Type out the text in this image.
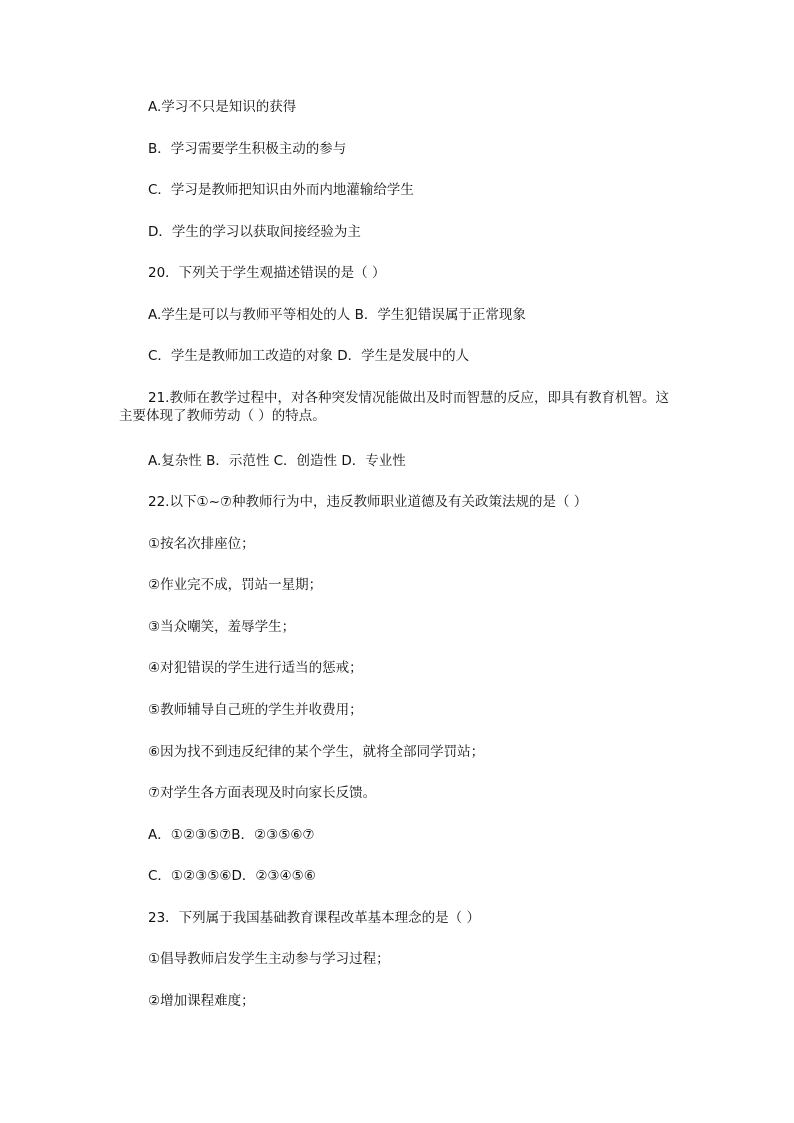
A.学习不只是知识的获得
B．学习需要学生积极主动的参与
C．学习是教师把知识由外而内地灌输给学生
D．学生的学习以获取间接经验为主
20．下列关于学生观描述错误的是（ ）
A.学生是可以与教师平等相处的人 B．学生犯错误属于正常现象
C．学生是教师加工改造的对象 D．学生是发展中的人
21.教师在教学过程中，对各种突发情况能做出及时而智慧的反应，即具有教育机智。这主要体现了教师劳动（ ）的特点。
A.复杂性 B．示范性 C．创造性 D．专业性
22.以下①~⑦种教师行为中，违反教师职业道德及有关政策法规的是（ ）
①按名次排座位；
②作业完不成，罚站一星期；
③当众嘲笑，羞辱学生；
④对犯错误的学生进行适当的惩戒；
⑤教师辅导自己班的学生并收费用；
⑥因为找不到违反纪律的某个学生，就将全部同学罚站；
⑦对学生各方面表现及时向家长反馈。
A．①②③⑤⑦B．②③⑤⑥⑦
C．①②③⑤⑥D．②③④⑤⑥
23．下列属于我国基础教育课程改革基本理念的是（ ）
①倡导教师启发学生主动参与学习过程；
②增加课程难度；
